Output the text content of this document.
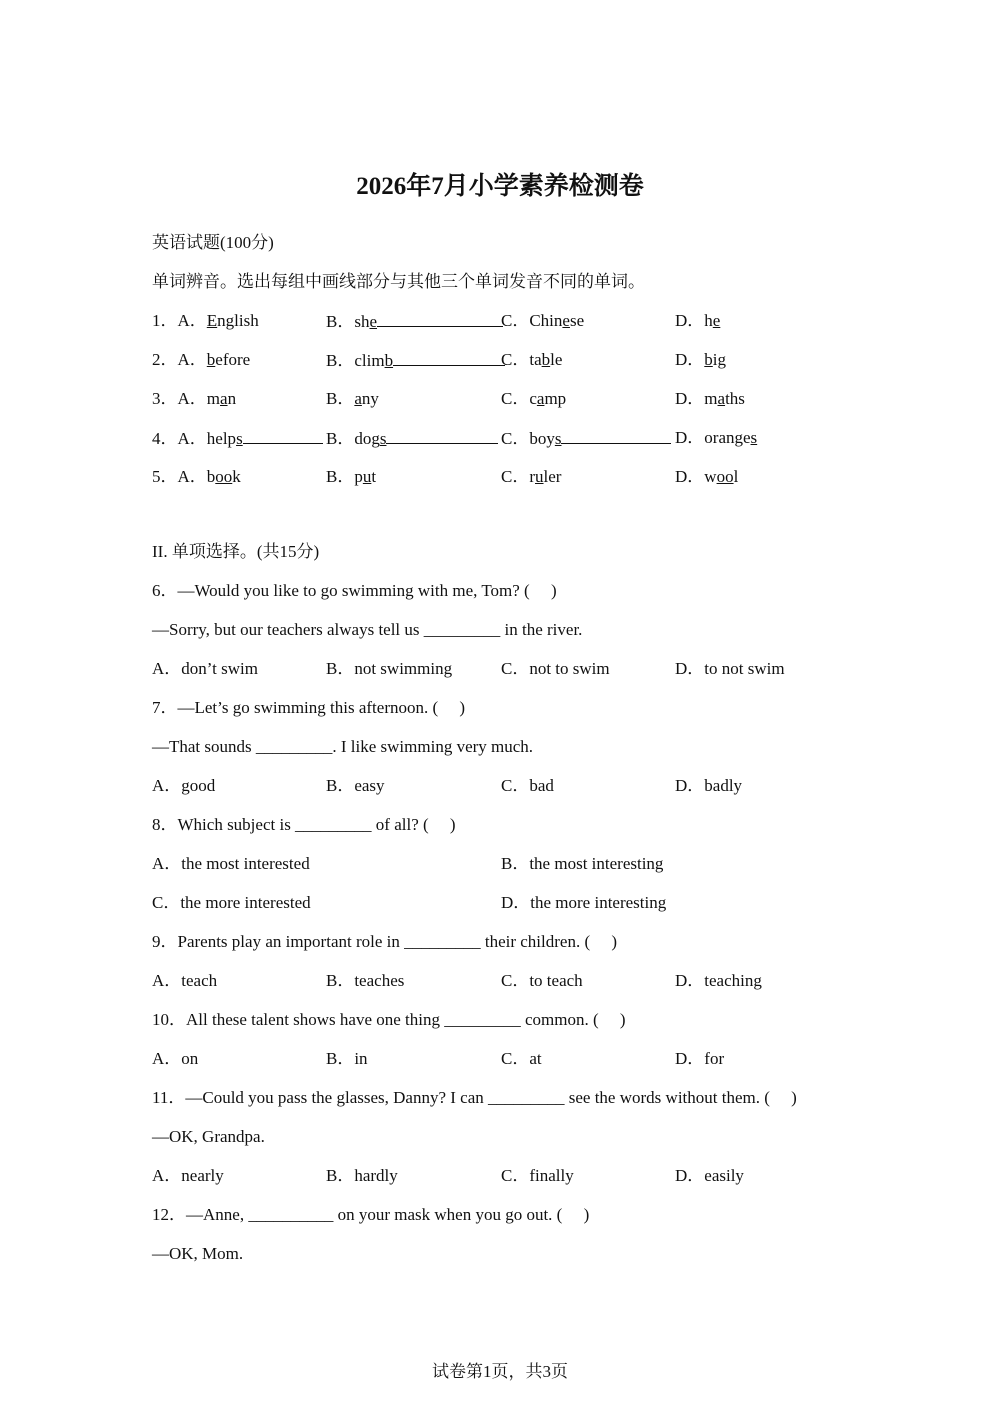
2026年7月小学素养检测卷
英语试题(100分)
单词辨音。选出每组中画线部分与其他三个单词发音不同的单词。
1．A．English	B．she	C．Chinese	D．he
2．A．before	B．climb	C．table	D．big
3．A．man	B．any	C．camp	D．maths
4．A．helps	B．dogs	C．boys	D．oranges
5．A．book	B．put	C．ruler	D．wool
II. 单项选择。(共15分)
6．—Would you like to go swimming with me, Tom? (　 )
—Sorry, but our teachers always tell us _________ in the river.
A．don’t swim	B．not swimming	C．not to swim	D．to not swim
7．—Let’s go swimming this afternoon. (　 )
—That sounds _________. I like swimming very much.
A．good	B．easy	C．bad	D．badly
8．Which subject is _________ of all? (　 )
A．the most interested	B．the most interesting
C．the more interested	D．the more interesting
9．Parents play an important role in _________ their children. (　 )
A．teach	B．teaches	C．to teach	D．teaching
10．All these talent shows have one thing _________ common. (　 )
A．on	B．in	C．at	D．for
11．—Could you pass the glasses, Danny? I can _________ see the words without them. (　 )
—OK, Grandpa.
A．nearly	B．hardly	C．finally	D．easily
12．—Anne, __________ on your mask when you go out. (　 )
—OK, Mom.
试卷第1页，共3页
